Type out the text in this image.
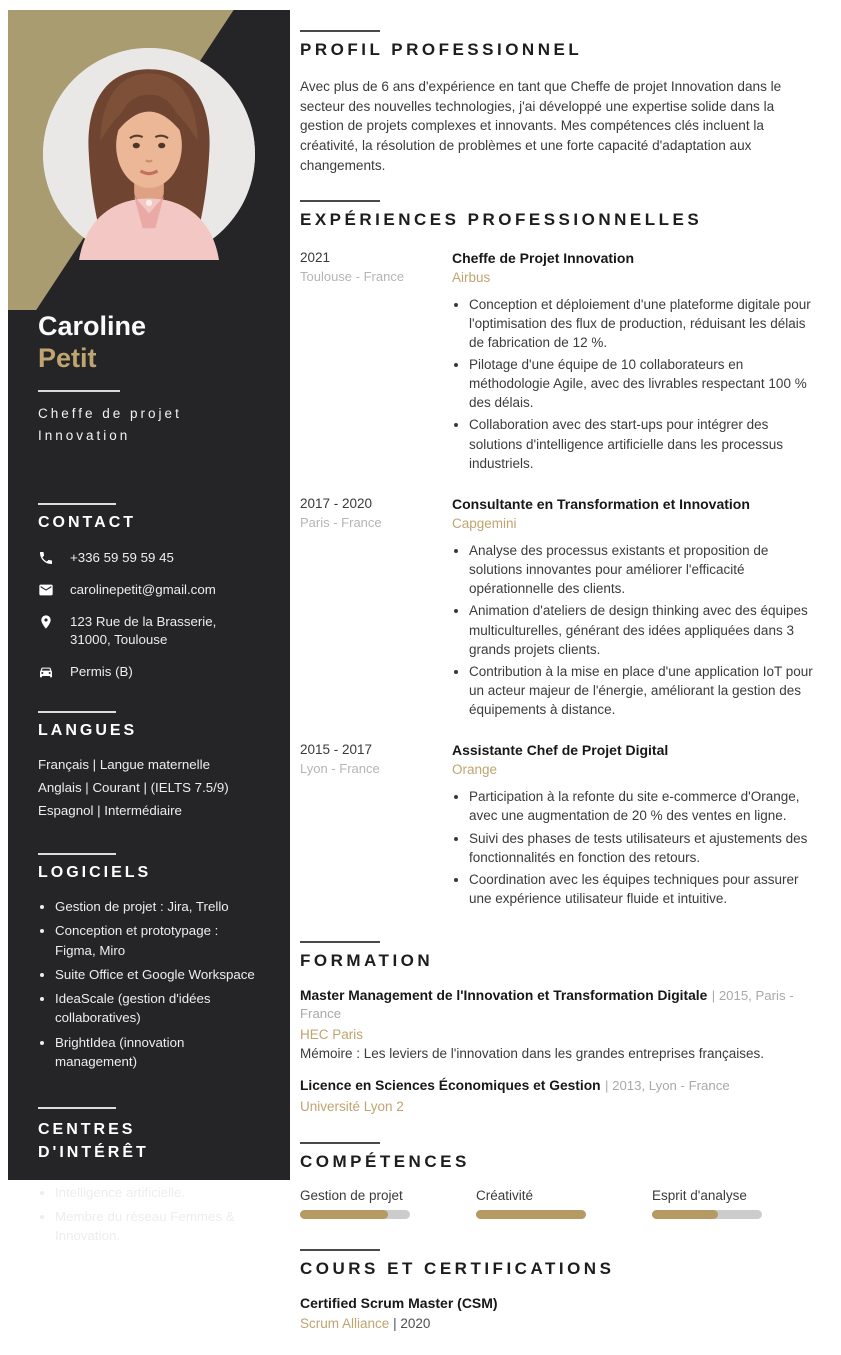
Caroline
Petit
Cheffe de projet Innovation
CONTACT
+336 59 59 59 45
carolinepetit@gmail.com
123 Rue de la Brasserie, 31000, Toulouse
Permis (B)
LANGUES
Français | Langue maternelle
Anglais | Courant | (IELTS 7.5/9)
Espagnol | Intermédiaire
LOGICIELS
• Gestion de projet : Jira, Trello
• Conception et prototypage : Figma, Miro
• Suite Office et Google Workspace
• IdeaScale (gestion d'idées collaboratives)
• BrightIdea (innovation management)
CENTRES D'INTÉRÊT
• Intelligence artificielle.
• Membre du réseau Femmes & Innovation.
PROFIL PROFESSIONNEL

Avec plus de 6 ans d'expérience en tant que Cheffe de projet Innovation dans le secteur des nouvelles technologies, j'ai développé une expertise solide dans la gestion de projets complexes et innovants. Mes compétences clés incluent la créativité, la résolution de problèmes et une forte capacité d'adaptation aux changements.

EXPÉRIENCES PROFESSIONNELLES
2021
Toulouse - France
Cheffe de Projet Innovation
Airbus
• Conception et déploiement d'une plateforme digitale pour l'optimisation des flux de production, réduisant les délais de fabrication de 12 %.
• Pilotage d'une équipe de 10 collaborateurs en méthodologie Agile, avec des livrables respectant 100 % des délais.
• Collaboration avec des start-ups pour intégrer des solutions d'intelligence artificielle dans les processus industriels.
2017 - 2020
Paris - France
Consultante en Transformation et Innovation
Capgemini
• Analyse des processus existants et proposition de solutions innovantes pour améliorer l'efficacité opérationnelle des clients.
• Animation d'ateliers de design thinking avec des équipes multiculturelles, générant des idées appliquées dans 3 grands projets clients.
• Contribution à la mise en place d'une application IoT pour un acteur majeur de l'énergie, améliorant la gestion des équipements à distance.
2015 - 2017
Lyon - France
Assistante Chef de Projet Digital
Orange
• Participation à la refonte du site e-commerce d'Orange, avec une augmentation de 20 % des ventes en ligne.
• Suivi des phases de tests utilisateurs et ajustements des fonctionnalités en fonction des retours.
• Coordination avec les équipes techniques pour assurer une expérience utilisateur fluide et intuitive.
FORMATION
Master Management de l'Innovation et Transformation Digitale | 2015, Paris - France
HEC Paris
Mémoire : Les leviers de l'innovation dans les grandes entreprises françaises.
Licence en Sciences Économiques et Gestion | 2013, Lyon - France
Université Lyon 2
COMPÉTENCES
Gestion de projet	Créativité	Esprit d'analyse
COURS ET CERTIFICATIONS
Certified Scrum Master (CSM)
Scrum Alliance | 2020
